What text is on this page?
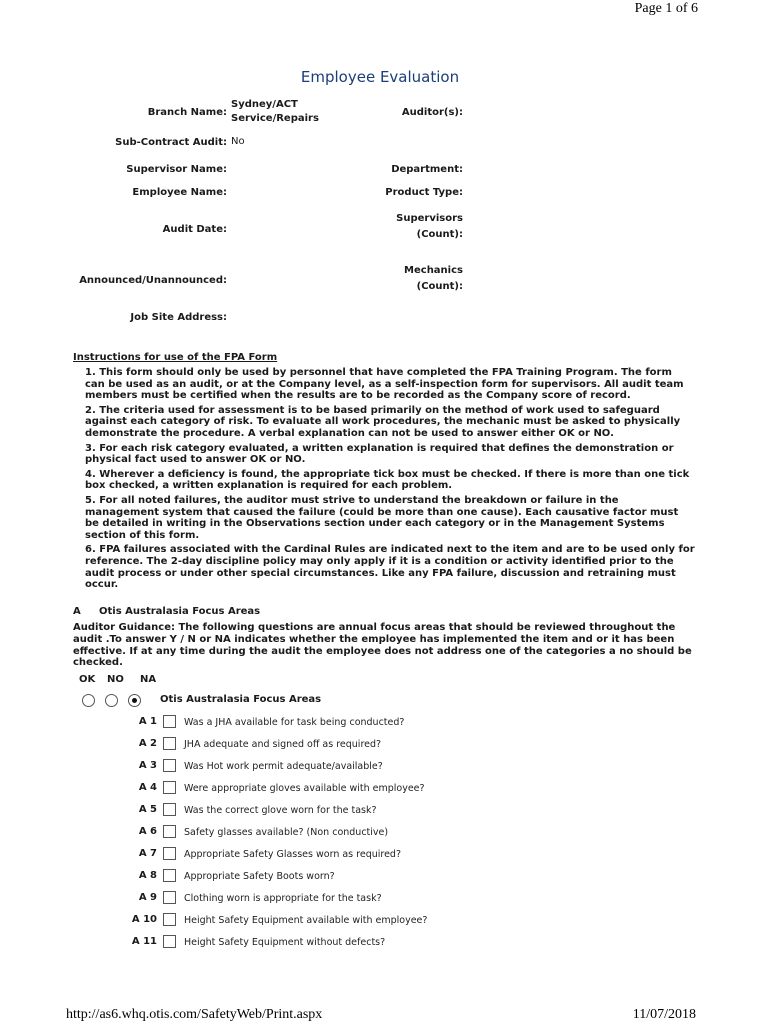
Page 1 of 6
Employee Evaluation
Branch Name:
Sydney/ACT
Service/Repairs
Auditor(s):
Sub-Contract Audit: No
Supervisor Name:	Department:
Employee Name:	Product Type:
Audit Date:
Supervisors
(Count):
Announced/Unannounced:
Mechanics
(Count):
Job Site Address:
Instructions for use of the FPA Form
1. This form should only be used by personnel that have completed the FPA Training Program. The form can be used as an audit, or at the Company level, as a self-inspection form for supervisors. All audit team members must be certified when the results are to be recorded as the Company score of record.
2. The criteria used for assessment is to be based primarily on the method of work used to safeguard against each category of risk. To evaluate all work procedures, the mechanic must be asked to physically demonstrate the procedure. A verbal explanation can not be used to answer either OK or NO.
3. For each risk category evaluated, a written explanation is required that defines the demonstration or physical fact used to answer OK or NO.
4. Wherever a deficiency is found, the appropriate tick box must be checked. If there is more than one tick box checked, a written explanation is required for each problem.
5. For all noted failures, the auditor must strive to understand the breakdown or failure in the management system that caused the failure (could be more than one cause). Each causative factor must be detailed in writing in the Observations section under each category or in the Management Systems section of this form.
6. FPA failures associated with the Cardinal Rules are indicated next to the item and are to be used only for reference. The 2-day discipline policy may only apply if it is a condition or activity identified prior to the audit process or under other special circumstances. Like any FPA failure, discussion and retraining must occur.
A Otis Australasia Focus Areas
Auditor Guidance: The following questions are annual focus areas that should be reviewed throughout the audit .To answer Y / N or NA indicates whether the employee has implemented the item and or it has been effective. If at any time during the audit the employee does not address one of the categories a no should be checked.
OK NO NA
Otis Australasia Focus Areas
A 1	Was a JHA available for task being conducted?
A 2	JHA adequate and signed off as required?
A 3	Was Hot work permit adequate/available?
A 4	Were appropriate gloves available with employee?
A 5	Was the correct glove worn for the task?
A 6	Safety glasses available? (Non conductive)
A 7	Appropriate Safety Glasses worn as required?
A 8	Appropriate Safety Boots worn?
A 9	Clothing worn is appropriate for the task?
A 10	Height Safety Equipment available with employee?
A 11	Height Safety Equipment without defects?
http://as6.whq.otis.com/SafetyWeb/Print.aspx	11/07/2018
